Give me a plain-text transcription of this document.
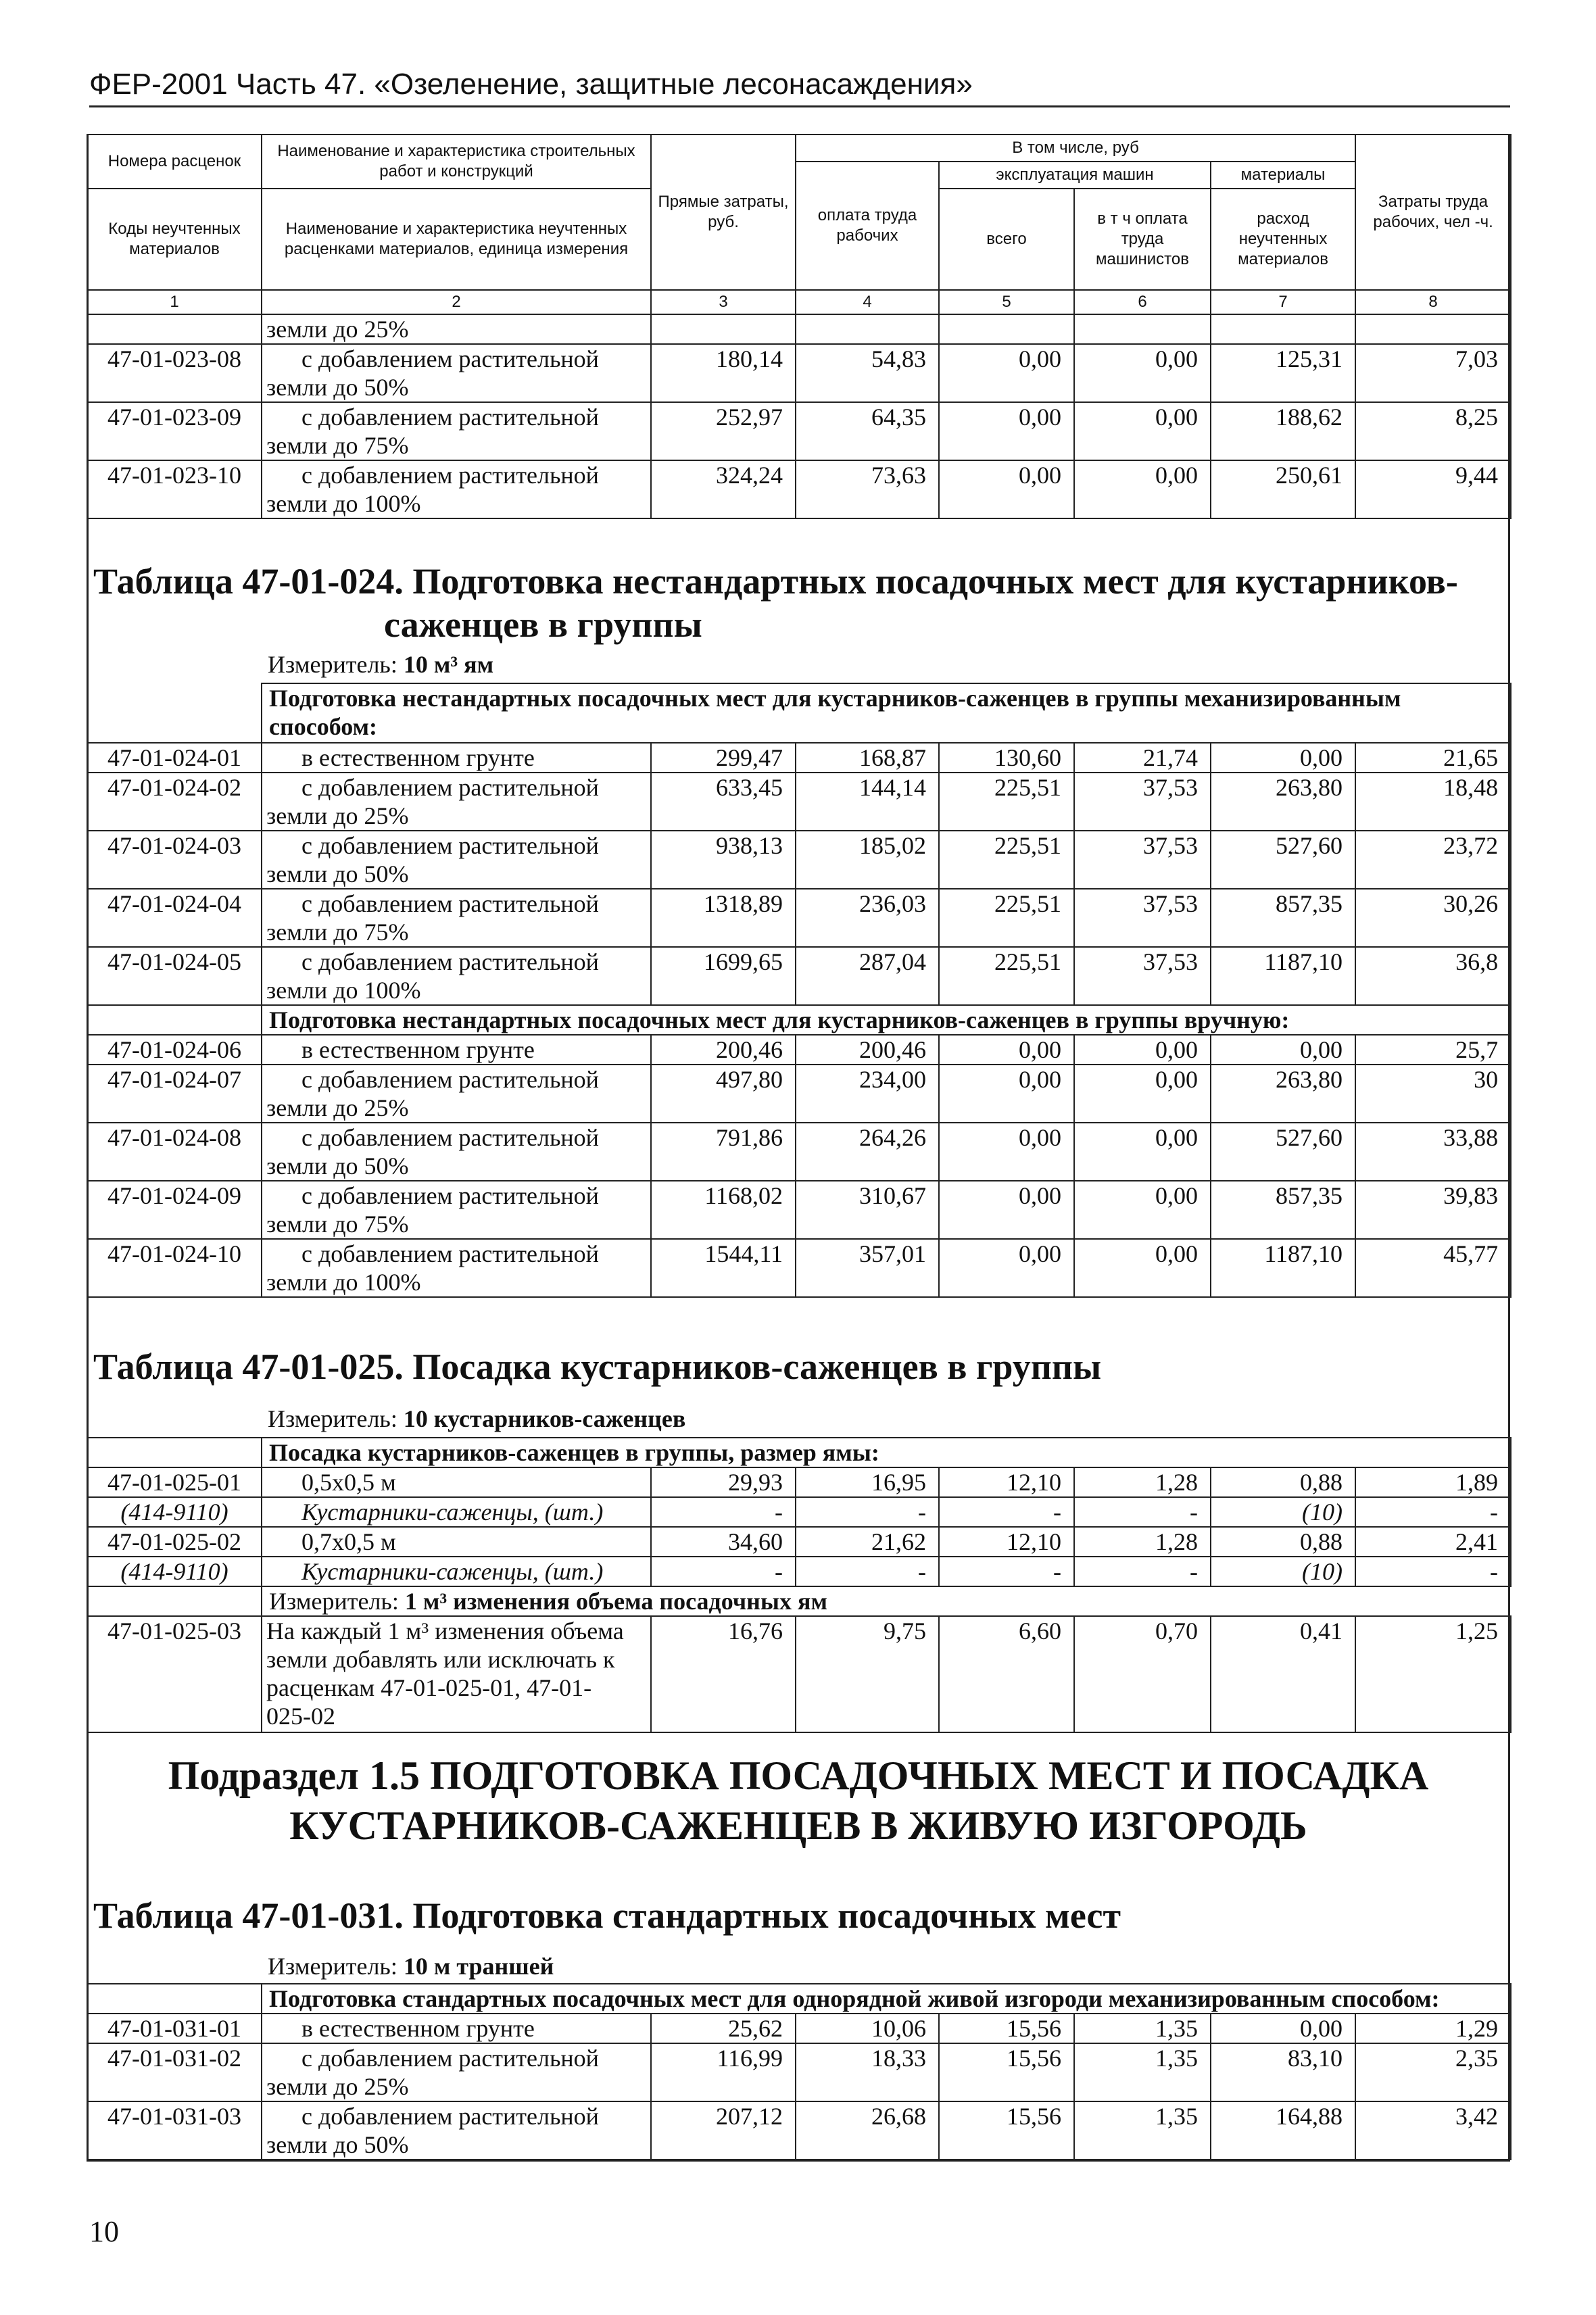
ФЕР-2001 Часть 47. «Озеленение, защитные лесонасаждения»
Номера расценок	Наименование и характеристика строительных работ и конструкций	Прямые затраты, руб.	В том числе, руб				Затраты труда рабочих, чел -ч.
			оплата труда рабочих	эксплуатация машин		материалы	
Коды неучтенных материалов	Наименование и характеристика неучтенных расценками материалов, единица измерения			всего	в т ч оплата труда машинистов	расход неучтенных материалов	

1	2	3	4	5	6	7	8
	земли до 25%						
47-01-023-08	с добавлением растительной
земли до 50%	180,14	54,83	0,00	0,00	125,31	7,03
47-01-023-09	с добавлением растительной
земли до 75%	252,97	64,35	0,00	0,00	188,62	8,25
47-01-023-10	с добавлением растительной
земли до 100%	324,24	73,63	0,00	0,00	250,61	9,44
Таблица 47-01-024. Подготовка нестандартных посадочных мест для кустарников-
саженцев в группы
Измеритель: 10 м³ ям
	Подготовка нестандартных посадочных мест для кустарников-саженцев в группы механизированным способом:						
47-01-024-01	в естественном грунте	299,47	168,87	130,60	21,74	0,00	21,65
47-01-024-02	с добавлением растительной
земли до 25%	633,45	144,14	225,51	37,53	263,80	18,48
47-01-024-03	с добавлением растительной
земли до 50%	938,13	185,02	225,51	37,53	527,60	23,72
47-01-024-04	с добавлением растительной
земли до 75%	1318,89	236,03	225,51	37,53	857,35	30,26
47-01-024-05	с добавлением растительной
земли до 100%	1699,65	287,04	225,51	37,53	1187,10	36,8
	Подготовка нестандартных посадочных мест для кустарников-саженцев в группы вручную:						
47-01-024-06	в естественном грунте	200,46	200,46	0,00	0,00	0,00	25,7
47-01-024-07	с добавлением растительной
земли до 25%	497,80	234,00	0,00	0,00	263,80	30
47-01-024-08	с добавлением растительной
земли до 50%	791,86	264,26	0,00	0,00	527,60	33,88
47-01-024-09	с добавлением растительной
земли до 75%	1168,02	310,67	0,00	0,00	857,35	39,83
47-01-024-10	с добавлением растительной
земли до 100%	1544,11	357,01	0,00	0,00	1187,10	45,77
Таблица 47-01-025. Посадка кустарников-саженцев в группы
Измеритель: 10 кустарников-саженцев
	Посадка кустарников-саженцев в группы, размер ямы:						
47-01-025-01	0,5х0,5 м	29,93	16,95	12,10	1,28	0,88	1,89
(414-9110)	Кустарники-саженцы, (шт.)	-	-	-	-	(10)	-
47-01-025-02	0,7х0,5 м	34,60	21,62	12,10	1,28	0,88	2,41
(414-9110)	Кустарники-саженцы, (шт.)	-	-	-	-	(10)	-
	Измеритель: 1 м³ изменения объема посадочных ям						
47-01-025-03	На каждый 1 м³ изменения объема
земли добавлять или исключать к
расценкам 47-01-025-01, 47-01-
025-02	16,76	9,75	6,60	0,70	0,41	1,25
Подраздел 1.5 ПОДГОТОВКА ПОСАДОЧНЫХ МЕСТ И ПОСАДКА
КУСТАРНИКОВ-САЖЕНЦЕВ В ЖИВУЮ ИЗГОРОДЬ
Таблица 47-01-031. Подготовка стандартных посадочных мест
Измеритель: 10 м траншей
	Подготовка стандартных посадочных мест для однорядной живой изгороди механизированным способом:						
47-01-031-01	в естественном грунте	25,62	10,06	15,56	1,35	0,00	1,29
47-01-031-02	с добавлением растительной
земли до 25%	116,99	18,33	15,56	1,35	83,10	2,35
47-01-031-03	с добавлением растительной
земли до 50%	207,12	26,68	15,56	1,35	164,88	3,42
10
